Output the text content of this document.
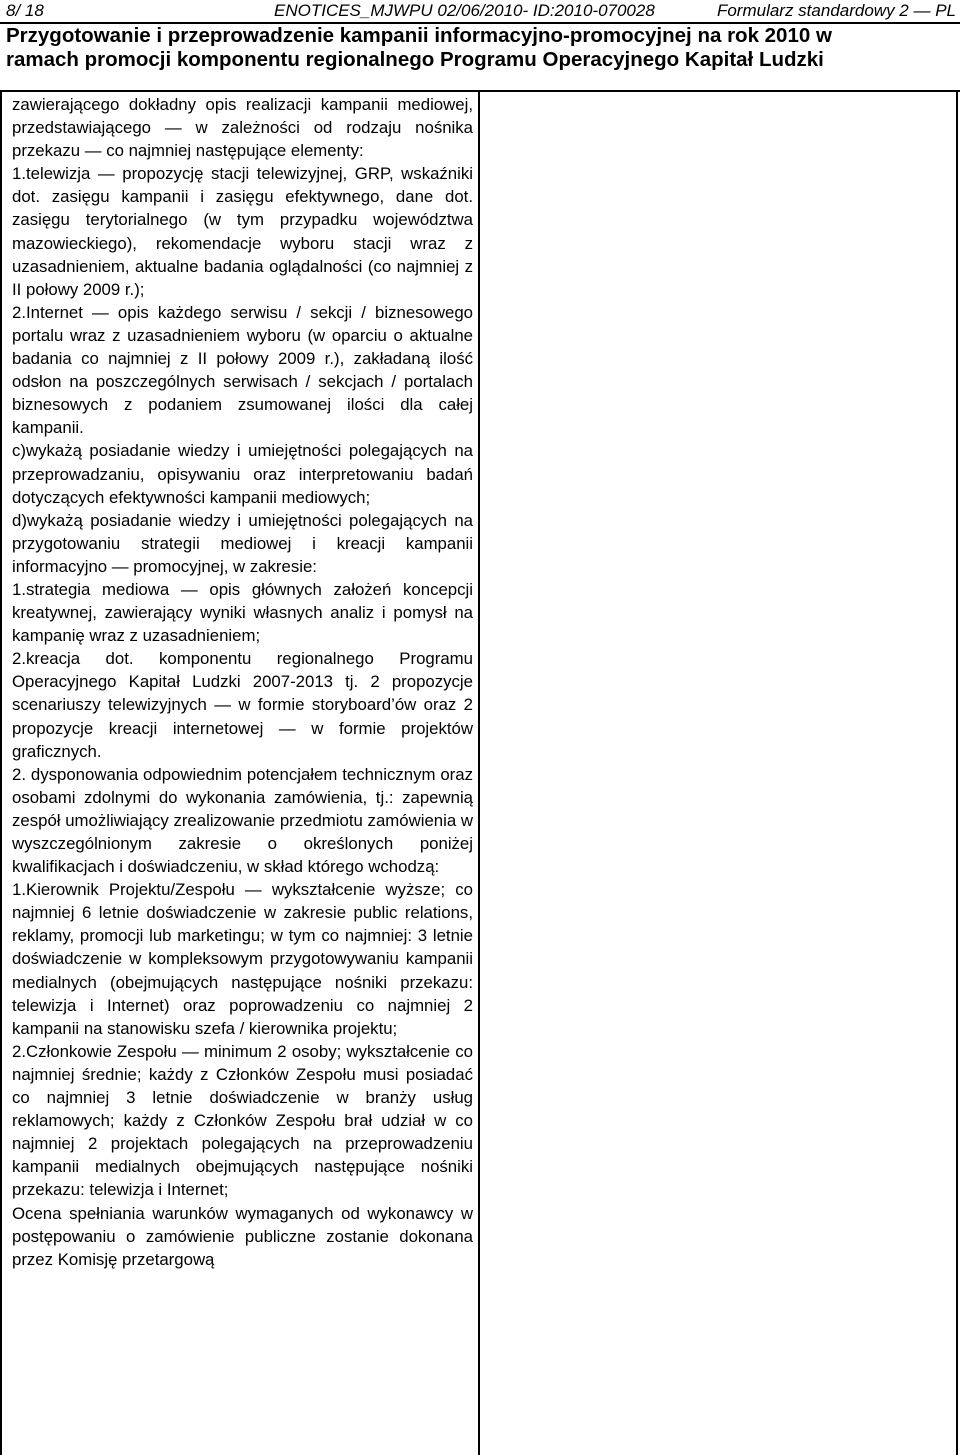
8/ 18	ENOTICES_MJWPU 02/06/2010- ID:2010-070028	Formularz standardowy 2 — PL
Przygotowanie i przeprowadzenie kampanii informacyjno-promocyjnej na rok 2010 w
ramach promocji komponentu regionalnego Programu Operacyjnego Kapitał Ludzki

zawierającego dokładny opis realizacji kampanii mediowej, przedstawiającego — w zależności od rodzaju nośnika przekazu — co najmniej następujące elementy:

1.telewizja — propozycję stacji telewizyjnej, GRP, wskaźniki dot. zasięgu kampanii i zasięgu efektywnego, dane dot. zasięgu terytorialnego (w tym przypadku województwa mazowieckiego), rekomendacje wyboru stacji wraz z uzasadnieniem, aktualne badania oglądalności (co najmniej z II połowy 2009 r.);

2.Internet — opis każdego serwisu / sekcji / biznesowego portalu wraz z uzasadnieniem wyboru (w oparciu o aktualne badania co najmniej z II połowy 2009 r.), zakładaną ilość odsłon na poszczególnych serwisach / sekcjach / portalach biznesowych z podaniem zsumowanej ilości dla całej kampanii.

c)wykażą posiadanie wiedzy i umiejętności polegających na przeprowadzaniu, opisywaniu oraz interpretowaniu badań dotyczących efektywności kampanii mediowych;

d)wykażą posiadanie wiedzy i umiejętności polegających na przygotowaniu strategii mediowej i kreacji kampanii informacyjno — promocyjnej, w zakresie:

1.strategia mediowa — opis głównych założeń koncepcji kreatywnej, zawierający wyniki własnych analiz i pomysł na kampanię wraz z uzasadnieniem;

2.kreacja dot. komponentu regionalnego Programu Operacyjnego Kapitał Ludzki 2007-2013 tj. 2 propozycje scenariuszy telewizyjnych — w formie storyboard’ów oraz 2 propozycje kreacji internetowej — w formie projektów graficznych.

2. dysponowania odpowiednim potencjałem technicznym oraz osobami zdolnymi do wykonania zamówienia, tj.: zapewnią zespół umożliwiający zrealizowanie przedmiotu zamówienia w wyszczególnionym zakresie o określonych poniżej kwalifikacjach i doświadczeniu, w skład którego wchodzą:

1.Kierownik Projektu/Zespołu — wykształcenie wyższe; co najmniej 6 letnie doświadczenie w zakresie public relations, reklamy, promocji lub marketingu; w tym co najmniej: 3 letnie doświadczenie w kompleksowym przygotowywaniu kampanii medialnych (obejmujących następujące nośniki przekazu: telewizja i Internet) oraz poprowadzeniu co najmniej 2 kampanii na stanowisku szefa / kierownika projektu;

2.Członkowie Zespołu — minimum 2 osoby; wykształcenie co najmniej średnie; każdy z Członków Zespołu musi posiadać co najmniej 3 letnie doświadczenie w branży usług reklamowych; każdy z Członków Zespołu brał udział w co najmniej 2 projektach polegających na przeprowadzeniu kampanii medialnych obejmujących następujące nośniki przekazu: telewizja i Internet;

Ocena spełniania warunków wymaganych od wykonawcy w postępowaniu o zamówienie publiczne zostanie dokonana przez Komisję przetargową
